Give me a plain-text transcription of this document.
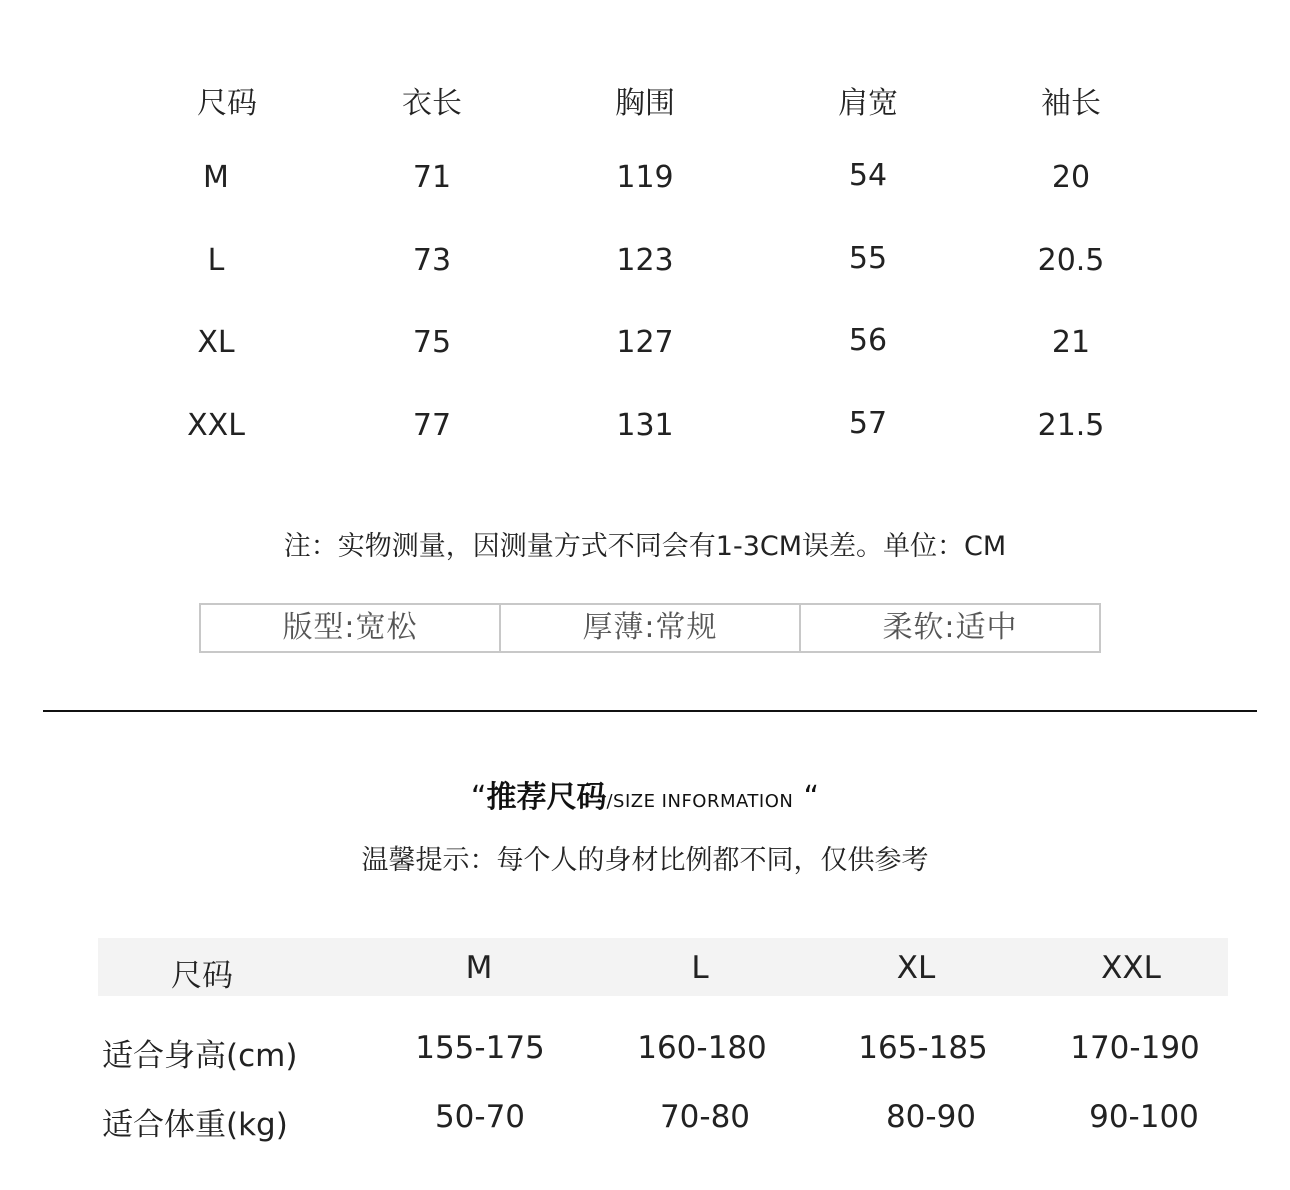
尺码	衣长	胸围	肩宽	袖长
M	71	119	54	20
L	73	123	55	20.5
XL	75	127	56	21
XXL	77	131	57	21.5
注：实物测量，因测量方式不同会有1-3CM误差。单位：CM
版型:宽松	厚薄:常规	柔软:适中
“推荐尺码/SIZE INFORMATION “
温馨提示：每个人的身材比例都不同，仅供参考
尺码	M	L	XL	XXL
适合身高(cm)	155-175	160-180	165-185	170-190
适合体重(kg)	50-70	70-80	80-90	90-100
